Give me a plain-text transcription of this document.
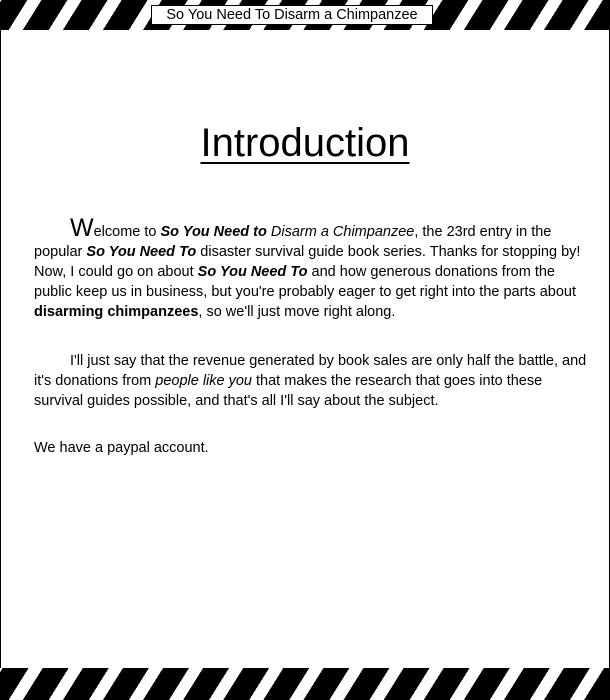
Introduction

Welcome to So You Need to Disarm a Chimpanzee, the 23rd entry in the popular So You Need To disaster survival guide book series. Thanks for stopping by! Now, I could go on about So You Need To and how generous donations from the public keep us in business, but you're probably eager to get right into the parts about disarming chimpanzees, so we'll just move right along.

I'll just say that the revenue generated by book sales are only half the battle, and it's donations from people like you that makes the research that goes into these survival guides possible, and that's all I'll say about the subject.

We have a paypal account.

So You Need To Disarm a Chimpanzee
